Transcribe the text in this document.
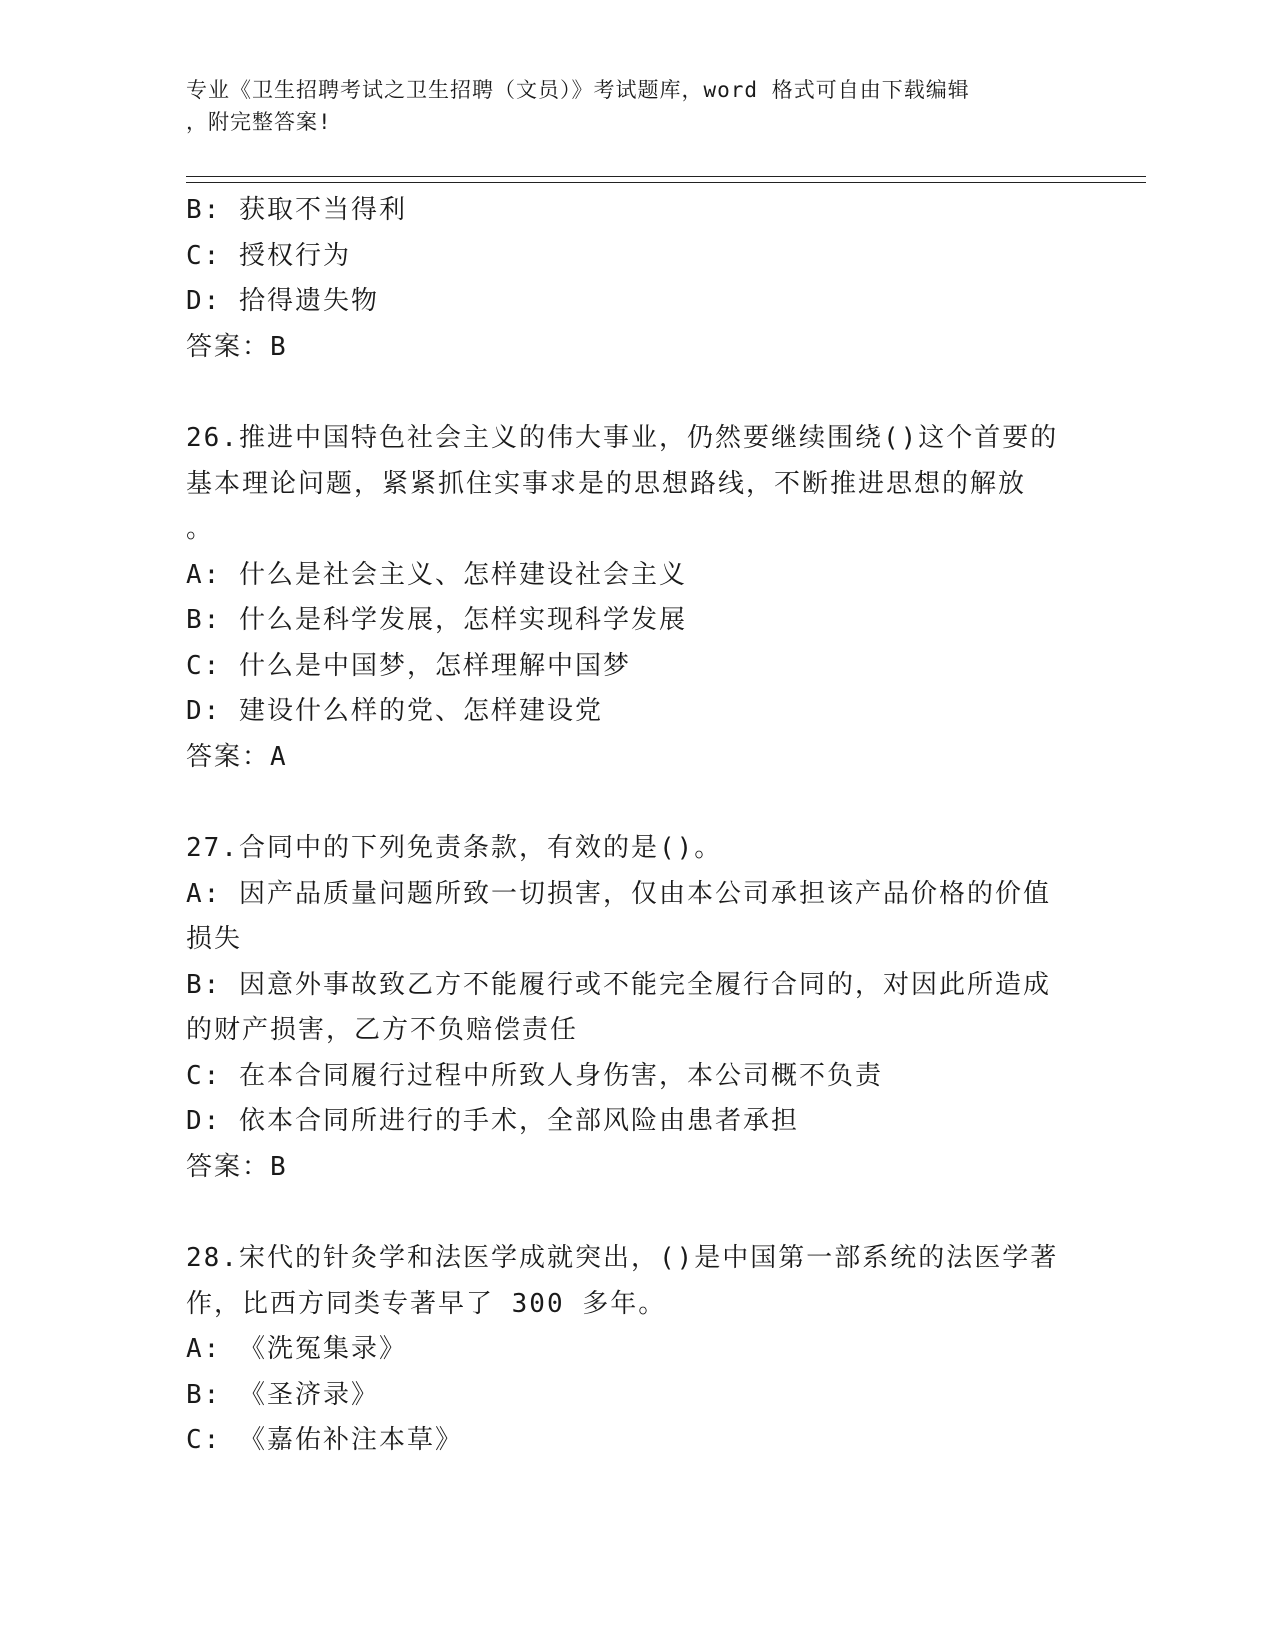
专业《卫生招聘考试之卫生招聘（文员）》考试题库，word 格式可自由下载编辑
，附完整答案!
B: 获取不当得利
C: 授权行为
D: 拾得遗失物
答案：B
26.推进中国特色社会主义的伟大事业，仍然要继续围绕()这个首要的
基本理论问题，紧紧抓住实事求是的思想路线，不断推进思想的解放
。
A: 什么是社会主义、怎样建设社会主义
B: 什么是科学发展，怎样实现科学发展
C: 什么是中国梦，怎样理解中国梦
D: 建设什么样的党、怎样建设党
答案：A
27.合同中的下列免责条款，有效的是()。
A: 因产品质量问题所致一切损害，仅由本公司承担该产品价格的价值
损失
B: 因意外事故致乙方不能履行或不能完全履行合同的，对因此所造成
的财产损害，乙方不负赔偿责任
C: 在本合同履行过程中所致人身伤害，本公司概不负责
D: 依本合同所进行的手术，全部风险由患者承担
答案：B
28.宋代的针灸学和法医学成就突出，()是中国第一部系统的法医学著
作，比西方同类专著早了 300 多年。
A: 《洗冤集录》
B: 《圣济录》
C: 《嘉佑补注本草》
